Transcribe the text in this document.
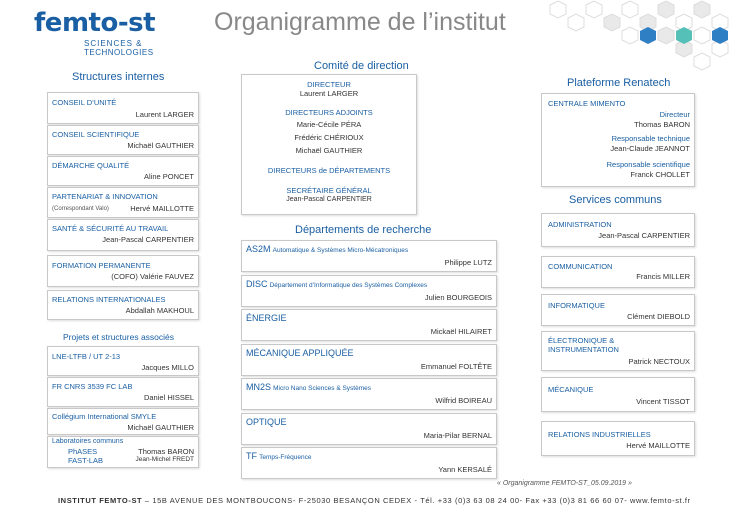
femto-st
SCIENCES &
TECHNOLOGIES
Organigramme de l’institut
Structures internes
CONSEIL D’UNITÉ
Laurent LARGER
CONSEIL SCIENTIFIQUE
Michaël GAUTHIER
DÉMARCHE QUALITÉ
Aline PONCET
PARTENARIAT & INNOVATION
(Correspondant Valo)	Hervé MAILLOTTE
SANTÉ & SÉCURITÉ AU TRAVAIL
Jean-Pascal CARPENTIER
FORMATION PERMANENTE
(COFO) Valérie FAUVEZ
RELATIONS INTERNATIONALES
Abdallah MAKHOUL
Projets et structures associés
LNE-LTFB / UT 2-13
Jacques MILLO
FR CNRS 3539 FC LAB
Daniel HISSEL
Collégium International SMYLE
Michaël GAUTHIER
Laboratoires communs
PhASES	Thomas BARON
FAST-LAB	Jean-Michel FREDT
Comité de direction
DIRECTEUR
Laurent LARGER
DIRECTEURS ADJOINTS
Marie-Cécile PÉRA
Frédéric CHÉRIOUX
Michaël GAUTHIER
DIRECTEURS de DÉPARTEMENTS
SECRÉTAIRE GÉNÉRAL
Jean-Pascal CARPENTIER
Départements de recherche
AS2M Automatique & Systèmes Micro-Mécatroniques
Philippe LUTZ
DISC Département d’Informatique des Systèmes Complexes
Julien BOURGEOIS
ÉNERGIE
Mickaël HILAIRET
MÉCANIQUE APPLIQUÉE
Emmanuel FOLTÊTE
MN2S Micro Nano Sciences & Systèmes
Wilfrid BOIREAU
OPTIQUE
Maria-Pilar BERNAL
TF Temps-Fréquence
Yann KERSALÉ
Plateforme Renatech
CENTRALE MIMENTO
Directeur
Thomas BARON
Responsable technique
Jean-Claude JEANNOT
Responsable scientifique
Franck CHOLLET
Services communs
ADMINISTRATION
Jean-Pascal CARPENTIER
COMMUNICATION
Francis MILLER
INFORMATIQUE
Clément DIEBOLD
ÉLECTRONIQUE &
INSTRUMENTATION
Patrick NECTOUX
MÉCANIQUE
Vincent TISSOT
RELATIONS INDUSTRIELLES
Hervé MAILLOTTE
« Organigramme FEMTO-ST_05.09.2019 »
INSTITUT FEMTO-ST – 15B AVENUE DES MONTBOUCONS- F-25030 BESANÇON CEDEX - Tél. +33 (0)3 63 08 24 00- Fax +33 (0)3 81 66 60 07- www.femto-st.fr
